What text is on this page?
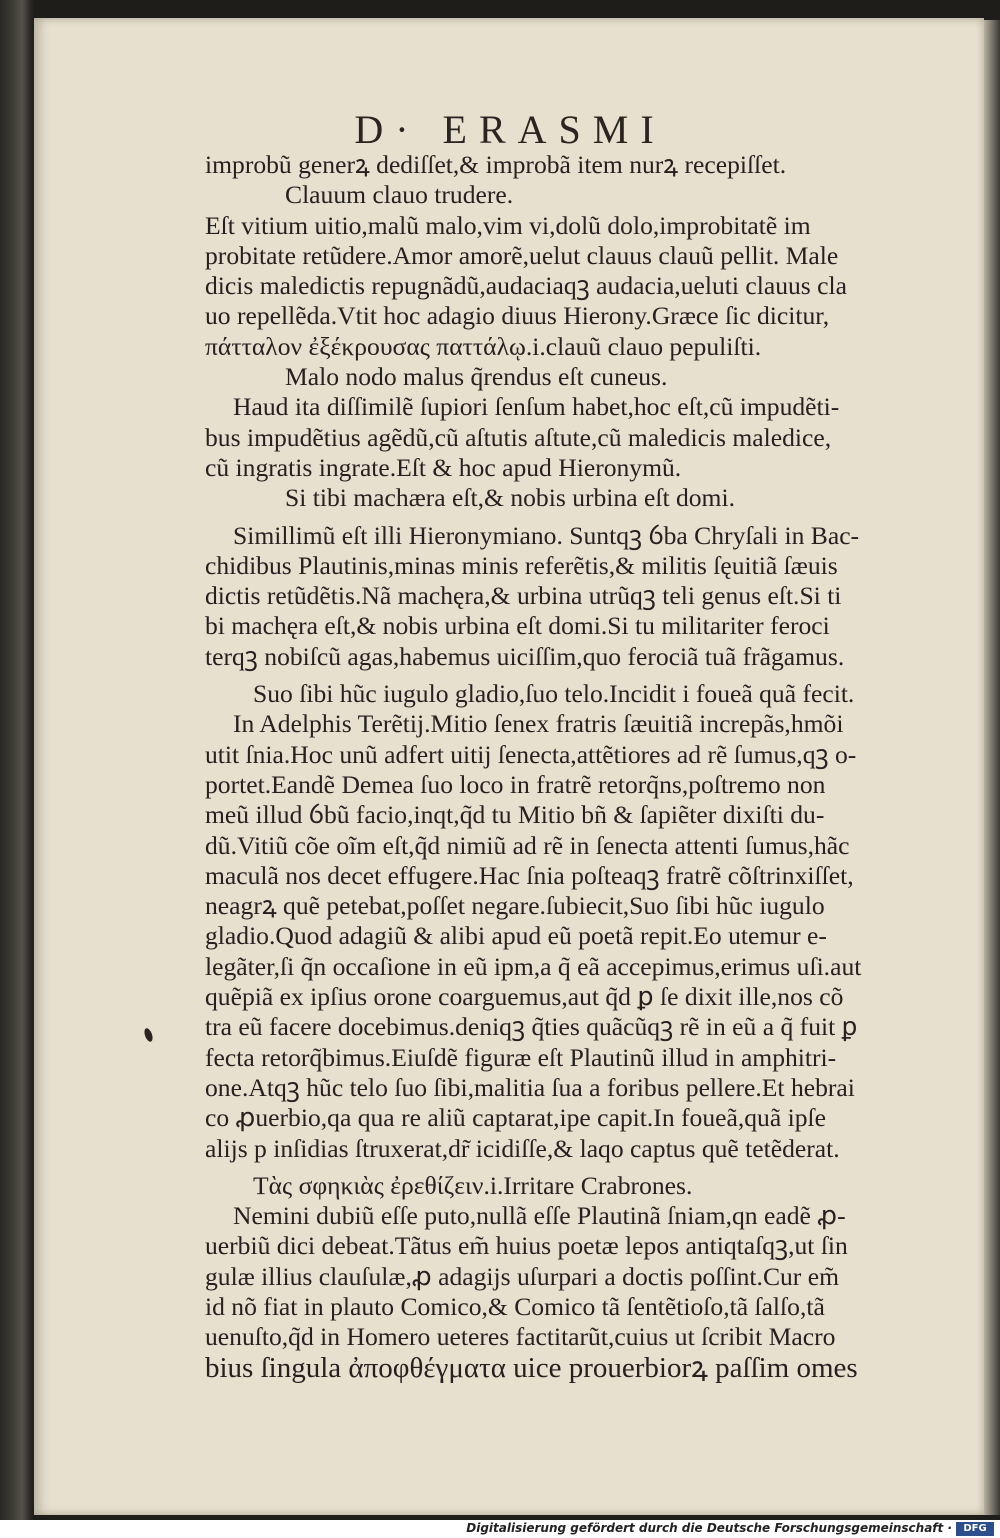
D· ERASMI
improbũ generꝝ dediſſet,& improbã item nurꝝ recepiſſet.
Clauum clauo trudere.
Eſt vitium uitio,malũ malo,vim vi,dolũ dolo,improbitatẽ im
probitate retũdere.Amor amorẽ,uelut clauus clauũ pellit. Male
dicis maledictis repugnãdũ,audaciaqꝫ audacia,ueluti clauus cla
uo repellẽda.Vtit hoc adagio diuus Hierony.Græce ſic dicitur,
πάτταλον ἐξέκρουσας παττάλῳ.i.clauũ clauo pepuliſti.
Malo nodo malus q̃rendus eſt cuneus.
Haud ita diſſimilẽ ſupiori ſenſum habet,hoc eſt,cũ impudẽti-
bus impudẽtius agẽdũ,cũ aſtutis aſtute,cũ maledicis maledice,
cũ ingratis ingrate.Eſt & hoc apud Hieronymũ.
Si tibi machæra eſt,& nobis urbina eſt domi.
Simillimũ eſt illi Hieronymiano. Suntqꝫ ỽba Chryſali in Bac-
chidibus Plautinis,minas minis referẽtis,& militis ſęuitiã ſæuis
dictis retũdẽtis.Nã machęra,& urbina utrũqꝫ teli genus eſt.Si ti
bi machęra eſt,& nobis urbina eſt domi.Si tu militariter feroci
terqꝫ nobiſcũ agas,habemus uiciſſim,quo ferociã tuã frãgamus.
Suo ſibi hũc iugulo gladio,ſuo telo.Incidit i foueã quã fecit.
In Adelphis Terẽtij.Mitio ſenex fratris ſæuitiã increpãs,hmõi
utit ſnia.Hoc unũ adfert uitij ſenecta,attẽtiores ad rẽ ſumus,qꝫ o-
portet.Eandẽ Demea ſuo loco in fratrẽ retorq̃ns,poſtremo non
meũ illud ỽbũ facio,inqt,q̃d tu Mitio bñ & ſapiẽter dixiſti du-
dũ.Vitiũ cõe oĩm eſt,q̃d nimiũ ad rẽ in ſenecta attenti ſumus,hãc
maculã nos decet effugere.Hac ſnia poſteaqꝫ fratrẽ cõſtrinxiſſet,
neagrꝝ quẽ petebat,poſſet negare.ſubiecit,Suo ſibi hũc iugulo
gladio.Quod adagiũ & alibi apud eũ poetã repit.Eo utemur e-
legãter,ſi q̃n occaſione in eũ ipm,a q̃ eã accepimus,erimus uſi.aut
quẽpiã ex ipſius orone coarguemus,aut q̃d ꝑ ſe dixit ille,nos cõ
tra eũ facere docebimus.deniqꝫ q̃ties quãcũqꝫ rẽ in eũ a q̃ fuit ꝑ
fecta retorq̃bimus.Eiuſdẽ figuræ eſt Plautinũ illud in amphitri-
one.Atqꝫ hũc telo ſuo ſibi,malitia ſua a foribus pellere.Et hebrai
co ꝓuerbio,qa qua re aliũ captarat,ipe capit.In foueã,quã ipſe
alijs p inſidias ſtruxerat,dr̃ icidiſſe,& laqo captus quẽ tetẽderat.
Τὰς σφηκιὰς ἐρεθίζειν.i.Irritare Crabrones.
Nemini dubiũ eſſe puto,nullã eſſe Plautinã ſniam,qn eadẽ ꝓ-
uerbiũ dici debeat.Tãtus em̃ huius poetæ lepos antiqtaſqꝫ,ut ſin
gulæ illius clauſulæ,ꝓ adagijs uſurpari a doctis poſſint.Cur em̃
id nõ fiat in plauto Comico,& Comico tã ſentẽtioſo,tã ſalſo,tã
uenuſto,q̃d in Homero ueteres factitarũt,cuius ut ſcribit Macro
bius ſingula ἀποφθέγματα uice prouerbiorꝝ paſſim omes
Digitalisierung gefördert durch die Deutsche Forschungsgemeinschaft ·	DFG
